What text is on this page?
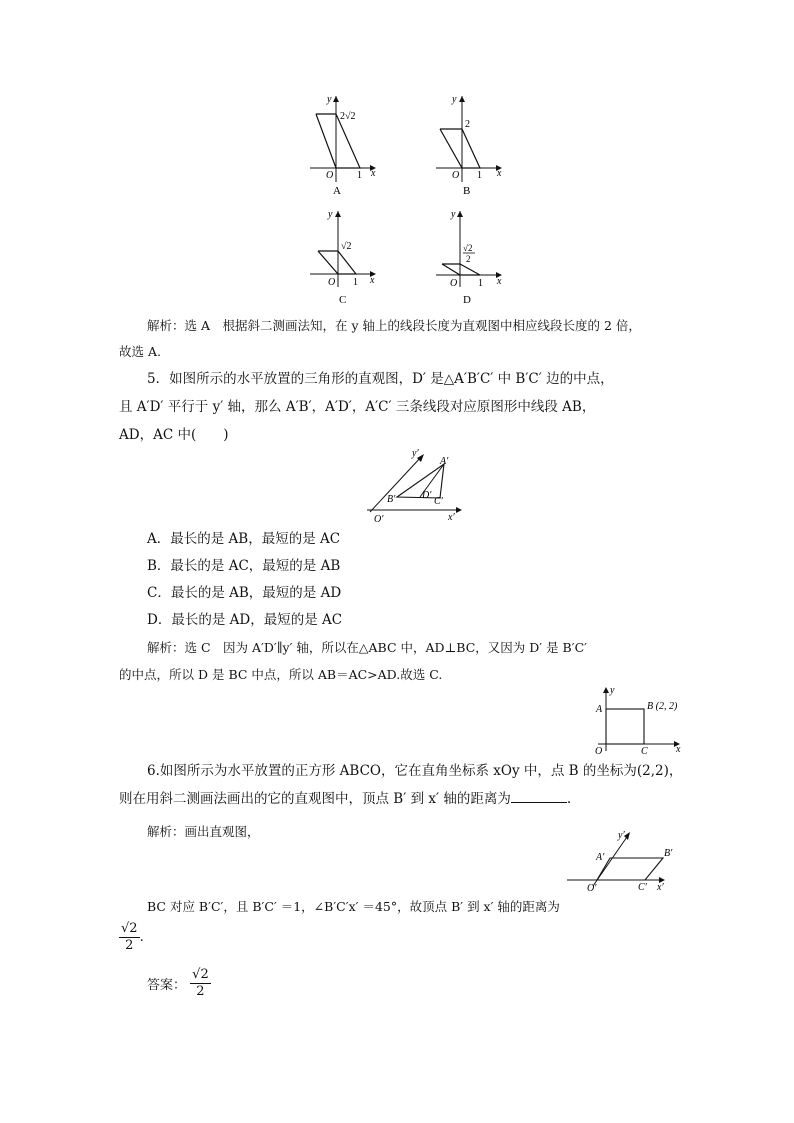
y
2√2
O 1 x
A
y
2
O 1 x
B
y
√2
O 1 x
C
y
√2
2
O 1 x
D
解析：选 A　根据斜二测画法知，在 y 轴上的线段长度为直观图中相应线段长度的 2 倍，
故选 A.
5．如图所示的水平放置的三角形的直观图，D′ 是△A′B′C′ 中 B′C′ 边的中点，
且 A′D′ 平行于 y′ 轴，那么 A′B′，A′D′，A′C′ 三条线段对应原图形中线段 AB，
AD，AC 中(　　)
y′
A′
B′	D′
C′
O′	x′
A．最长的是 AB，最短的是 AC
B．最长的是 AC，最短的是 AB
C．最长的是 AB，最短的是 AD
D．最长的是 AD，最短的是 AC
解析：选 C　因为 A′D′∥y′ 轴，所以在△ABC 中，AD⊥BC，又因为 D′ 是 B′C′
的中点，所以 D 是 BC 中点，所以 AB＝AC>AD.故选 C.
y
A	B (2, 2)
O	C	x
6.如图所示为水平放置的正方形 ABCO，它在直角坐标系 xOy 中，点 B 的坐标为(2,2)，
则在用斜二测画法画出的它的直观图中，顶点 B′ 到 x′ 轴的距离为	.
解析：画出直观图，	y′
A′	B′
O′	C′ x′
BC 对应 B′C′，且 B′C′ ＝1，∠B′C′x′ ＝45°，故顶点 B′ 到 x′ 轴的距离为
$\frac{√2}{2}$ .
答案： $\frac{√2}{2}$
